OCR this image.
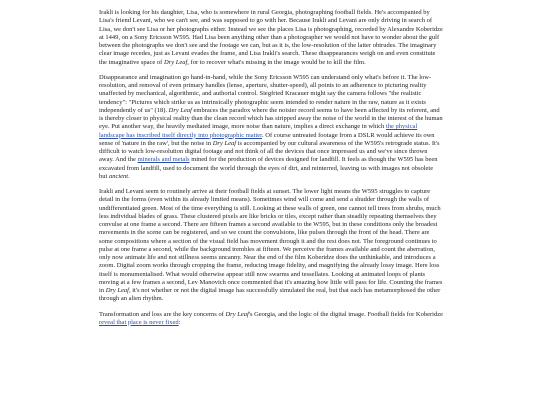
Irakli is looking for his daughter, Lisa, who is somewhere in rural Georgia, photographing football fields. He's accompanied by Lisa's friend Levani, who we can't see, and was supposed to go with her. Because Irakli and Levani are only driving in search of Lisa, we don't see Lisa or her photographs either. Instead we see the places Lisa is photographing, recorded by Alexandre Koberidze at 1449, on a Sony Ericsson W595. Had Lisa been anything other than a photographer we would not have to wonder about the gulf between the photographs we don't see and the footage we can, but as it is, the low-resolution of the latter obtrudes. The imaginary clear image recedes, just as Levani evades the frame, and Lisa Irakli's search. These disappearances weigh on and even constitute the imaginative space of Dry Leaf, for to recover what's missing in the image would be to kill the film.

Disappearance and imagination go hand-in-hand, while the Sony Ericsson W595 can understand only what's before it. The low-resolution, and removal of even primary handles (lense, aperture, shutter-speed), all points to an adherence to picturing reality unaffected by mechanical, algorithmic, and authorial control. Siegfried Kracauer might say the camera follows "the realistic tendency": "Pictures which strike us as intrinsically photographic seem intended to render nature in the raw, nature as it exists independently of us" (18). Dry Leaf embraces the paradox where the noisier record seems to have been affected by its referent, and is thereby closer to physical reality than the clean record which has stripped away the noise of the world in the interest of the human eye. Put another way, the heavily mediated image, more noise than nature, implies a direct exchange in which the physical landscape has inscribed itself directly into photographic matter. Of course untreated footage from a DSLR would achieve its own sense of 'nature in the raw', but the noise in Dry Leaf is accompanied by our cultural awareness of the W595's retrograde status. It's difficult to watch low-resolution digital footage and not think of all the devices that once impressed us and we've since thrown away. And the minerals and metals mined for the production of devices designed for landfill. It feels as though the W595 has been excavated from landfill, used to document the world through the eyes of dirt, and reinterred, leaving us with images not obsolete but ancient.

Irakli and Levani seem to routinely arrive at their football fields at sunset. The lower light means the W595 struggles to capture detail in the forms (even within its already limited means). Sometimes wind will come and send a shudder through the walls of undifferentiated green. Most of the time everything is still. Looking at these walls of green, one cannot tell trees from shrubs, much less individual blades of grass. These clustered pixels are like bricks or tiles, except rather than steadily repeating themselves they convulse at one frame a second. There are fifteen frames a second available to the W595, but in these conditions only the broadest movements in the scene can be registered, and so we count the convulsions, like pulses through the front of the head. There are some compositions where a section of the visual field has movement through it and the rest does not. The foreground continues to pulse at one frame a second, while the background trembles at fifteen. We perceive the frames available and count the aberration, only now animate life and not stillness seems uncanny. Near the end of the film Koberidze does the unthinkable, and introduces a zoom. Digital zoom works through cropping the frame, reducing image fidelity, and magnifying the already lossy image. Here loss itself is monumentalised. What would otherwise appear still now swarms and tessellates. Looking at animated loops of plants moving at a few frames a second, Lev Manovich once commented that it's amazing how little will pass for life. Counting the frames in Dry Leaf, it's not whether or not the digital image has successfully simulated the real, but that each has metamorphosed the other through an alien rhythm.

Transformation and loss are the key concerns of Dry Leaf's Georgia, and the logic of the digital image. Football fields for Koberidze reveal that place is never fixed:
